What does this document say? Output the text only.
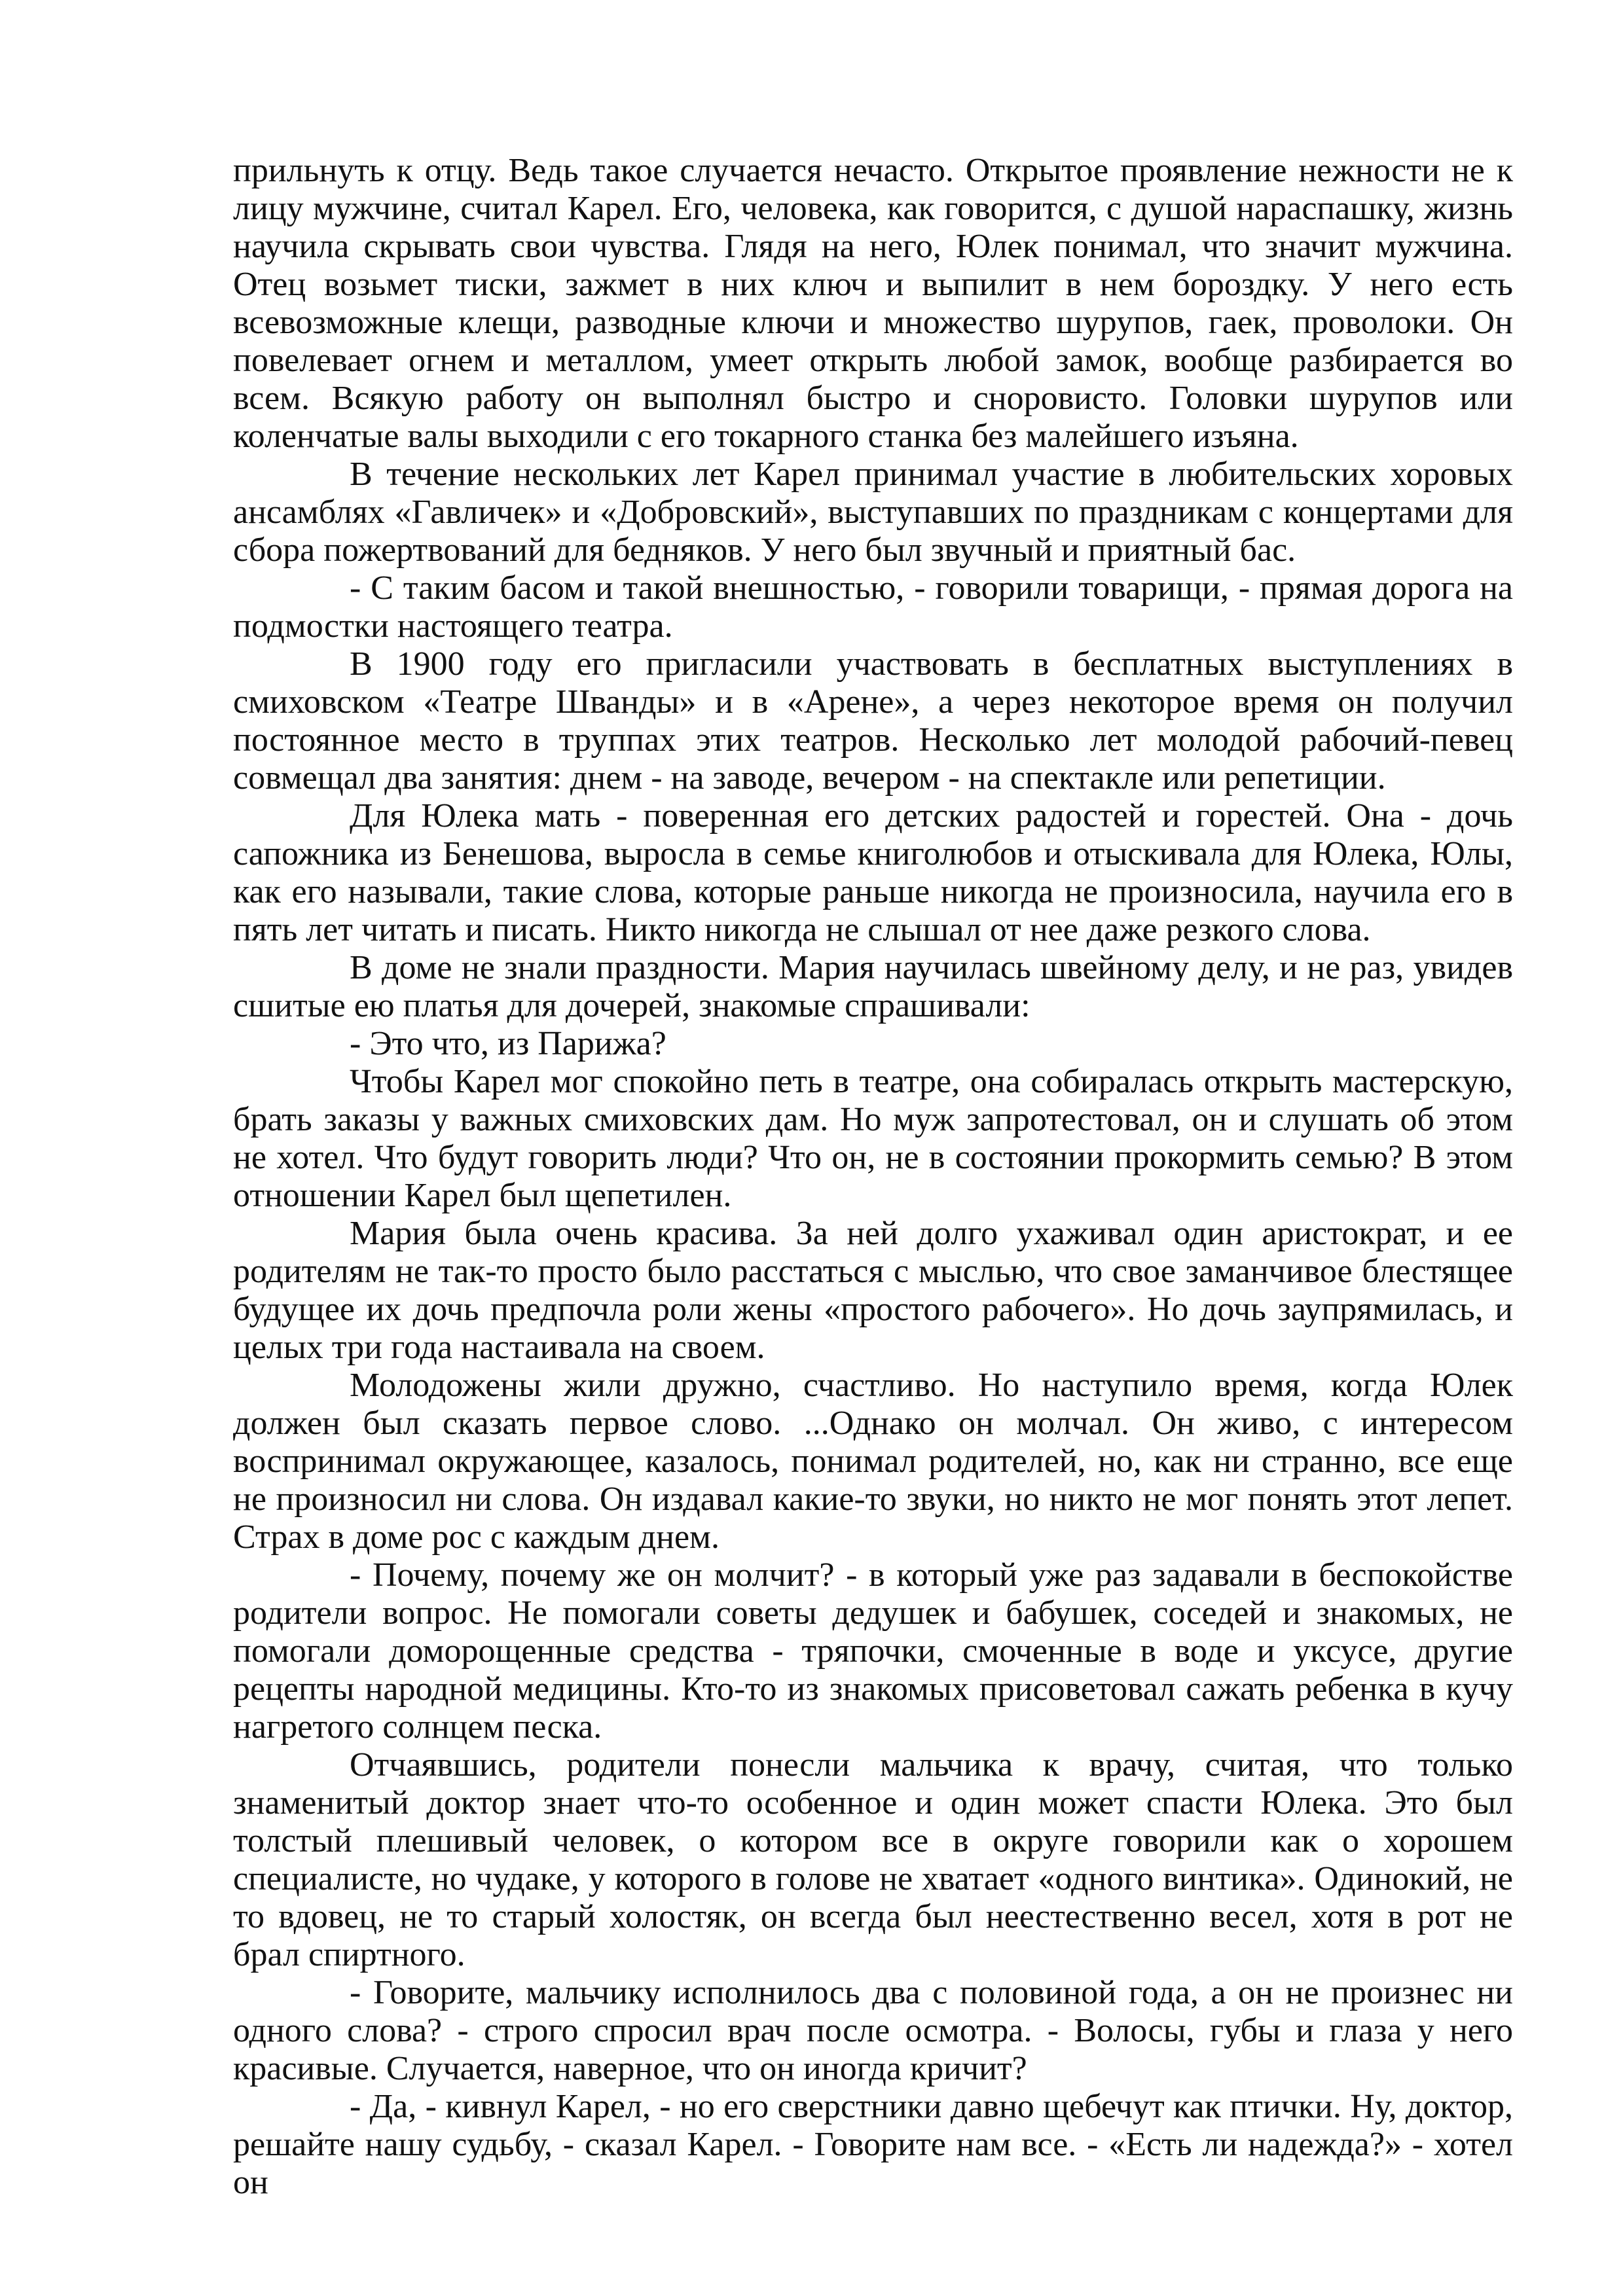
прильнуть к отцу. Ведь такое случается нечасто. Открытое проявление нежности не к лицу мужчине, считал Карел. Его, человека, как говорится, с душой нараспашку, жизнь научила скрывать свои чувства. Глядя на него, Юлек понимал, что значит мужчина. Отец возьмет тиски, зажмет в них ключ и выпилит в нем бороздку. У него есть всевозможные клещи, разводные ключи и множество шурупов, гаек, проволоки. Он повелевает огнем и металлом, умеет открыть любой замок, вообще разбирается во всем. Всякую работу он выполнял быстро и сноровисто. Головки шурупов или коленчатые валы выходили с его токарного станка без малейшего изъяна.

В течение нескольких лет Карел принимал участие в любительских хоровых ансамблях «Гавличек» и «Добровский», выступавших по праздникам с концертами для сбора пожертвований для бедняков. У него был звучный и приятный бас.

- С таким басом и такой внешностью, - говорили товарищи, - прямая дорога на подмостки настоящего театра.

В 1900 году его пригласили участвовать в бесплатных выступлениях в смиховском «Театре Шванды» и в «Арене», а через некоторое время он получил постоянное место в труппах этих театров. Несколько лет молодой рабочий-певец совмещал два занятия: днем - на заводе, вечером - на спектакле или репетиции.

Для Юлека мать - поверенная его детских радостей и горестей. Она - дочь сапожника из Бенешова, выросла в семье книголюбов и отыскивала для Юлека, Юлы, как его называли, такие слова, которые раньше никогда не произносила, научила его в пять лет читать и писать. Никто никогда не слышал от нее даже резкого слова.

В доме не знали праздности. Мария научилась швейному делу, и не раз, увидев сшитые ею платья для дочерей, знакомые спрашивали:

- Это что, из Парижа?

Чтобы Карел мог спокойно петь в театре, она собиралась открыть мастерскую, брать заказы у важных смиховских дам. Но муж запротестовал, он и слушать об этом не хотел. Что будут говорить люди? Что он, не в состоянии прокормить семью? В этом отношении Карел был щепетилен.

Мария была очень красива. За ней долго ухаживал один аристократ, и ее родителям не так-то просто было расстаться с мыслью, что свое заманчивое блестящее будущее их дочь предпочла роли жены «простого рабочего». Но дочь заупрямилась, и целых три года настаивала на своем.

Молодожены жили дружно, счастливо. Но наступило время, когда Юлек должен был сказать первое слово. ...Однако он молчал. Он живо, с интересом воспринимал окружающее, казалось, понимал родителей, но, как ни странно, все еще не произносил ни слова. Он издавал какие-то звуки, но никто не мог понять этот лепет. Страх в доме рос с каждым днем.

- Почему, почему же он молчит? - в который уже раз задавали в беспокойстве родители вопрос. Не помогали советы дедушек и бабушек, соседей и знакомых, не помогали доморощенные средства - тряпочки, смоченные в воде и уксусе, другие рецепты народной медицины. Кто-то из знакомых присоветовал сажать ребенка в кучу нагретого солнцем песка.

Отчаявшись, родители понесли мальчика к врачу, считая, что только знаменитый доктор знает что-то особенное и один может спасти Юлека. Это был толстый плешивый человек, о котором все в округе говорили как о хорошем специалисте, но чудаке, у которого в голове не хватает «одного винтика». Одинокий, не то вдовец, не то старый холостяк, он всегда был неестественно весел, хотя в рот не брал спиртного.

- Говорите, мальчику исполнилось два с половиной года, а он не произнес ни одного слова? - строго спросил врач после осмотра. - Волосы, губы и глаза у него красивые. Случается, наверное, что он иногда кричит?

- Да, - кивнул Карел, - но его сверстники давно щебечут как птички. Ну, доктор, решайте нашу судьбу, - сказал Карел. - Говорите нам все. - «Есть ли надежда?» - хотел он
